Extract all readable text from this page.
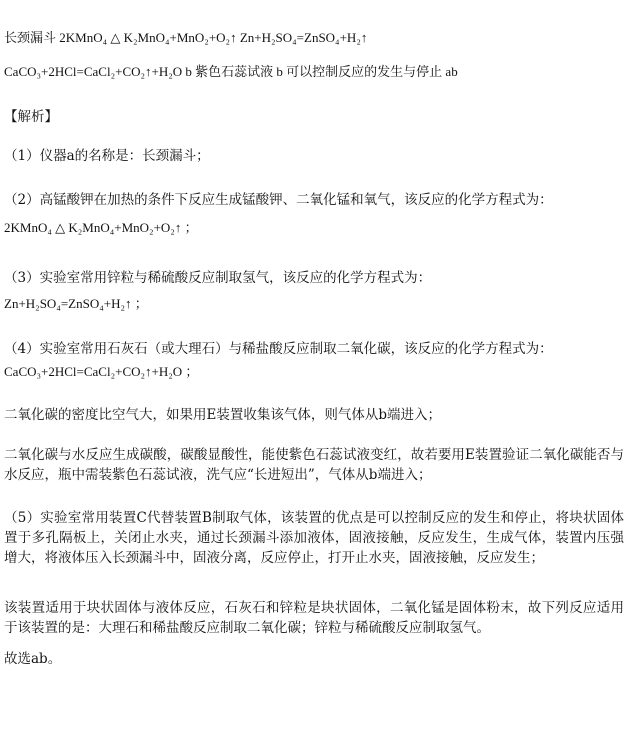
长颈漏斗 2KMnO₄ △ K₂MnO₄+MnO₂+O₂↑ Zn+H₂SO₄=ZnSO₄+H₂↑
CaCO₃+2HCl=CaCl₂+CO₂↑+H₂O b 紫色石蕊试液 b 可以控制反应的发生与停止 ab
【解析】
（1）仪器a的名称是：长颈漏斗；
（2）高锰酸钾在加热的条件下反应生成锰酸钾、二氧化锰和氧气，该反应的化学方程式为：
2KMnO₄ △ K₂MnO₄+MnO₂+O₂↑ ；
（3）实验室常用锌粒与稀硫酸反应制取氢气，该反应的化学方程式为：
Zn+H₂SO₄=ZnSO₄+H₂↑ ；
（4）实验室常用石灰石（或大理石）与稀盐酸反应制取二氧化碳，该反应的化学方程式为：
CaCO₃+2HCl=CaCl₂+CO₂↑+H₂O ；
二氧化碳的密度比空气大，如果用E装置收集该气体，则气体从b端进入；
二氧化碳与水反应生成碳酸，碳酸显酸性，能使紫色石蕊试液变红，故若要用E装置验证二氧化碳能否与水反应，瓶中需装紫色石蕊试液，洗气应“长进短出”，气体从b端进入；
（5）实验室常用装置C代替装置B制取气体，该装置的优点是可以控制反应的发生和停止，将块状固体置于多孔隔板上，关闭止水夹，通过长颈漏斗添加液体，固液接触，反应发生，生成气体，装置内压强增大，将液体压入长颈漏斗中，固液分离，反应停止，打开止水夹，固液接触，反应发生；
该装置适用于块状固体与液体反应，石灰石和锌粒是块状固体，二氧化锰是固体粉末，故下列反应适用于该装置的是：大理石和稀盐酸反应制取二氧化碳；锌粒与稀硫酸反应制取氢气。
故选ab。
